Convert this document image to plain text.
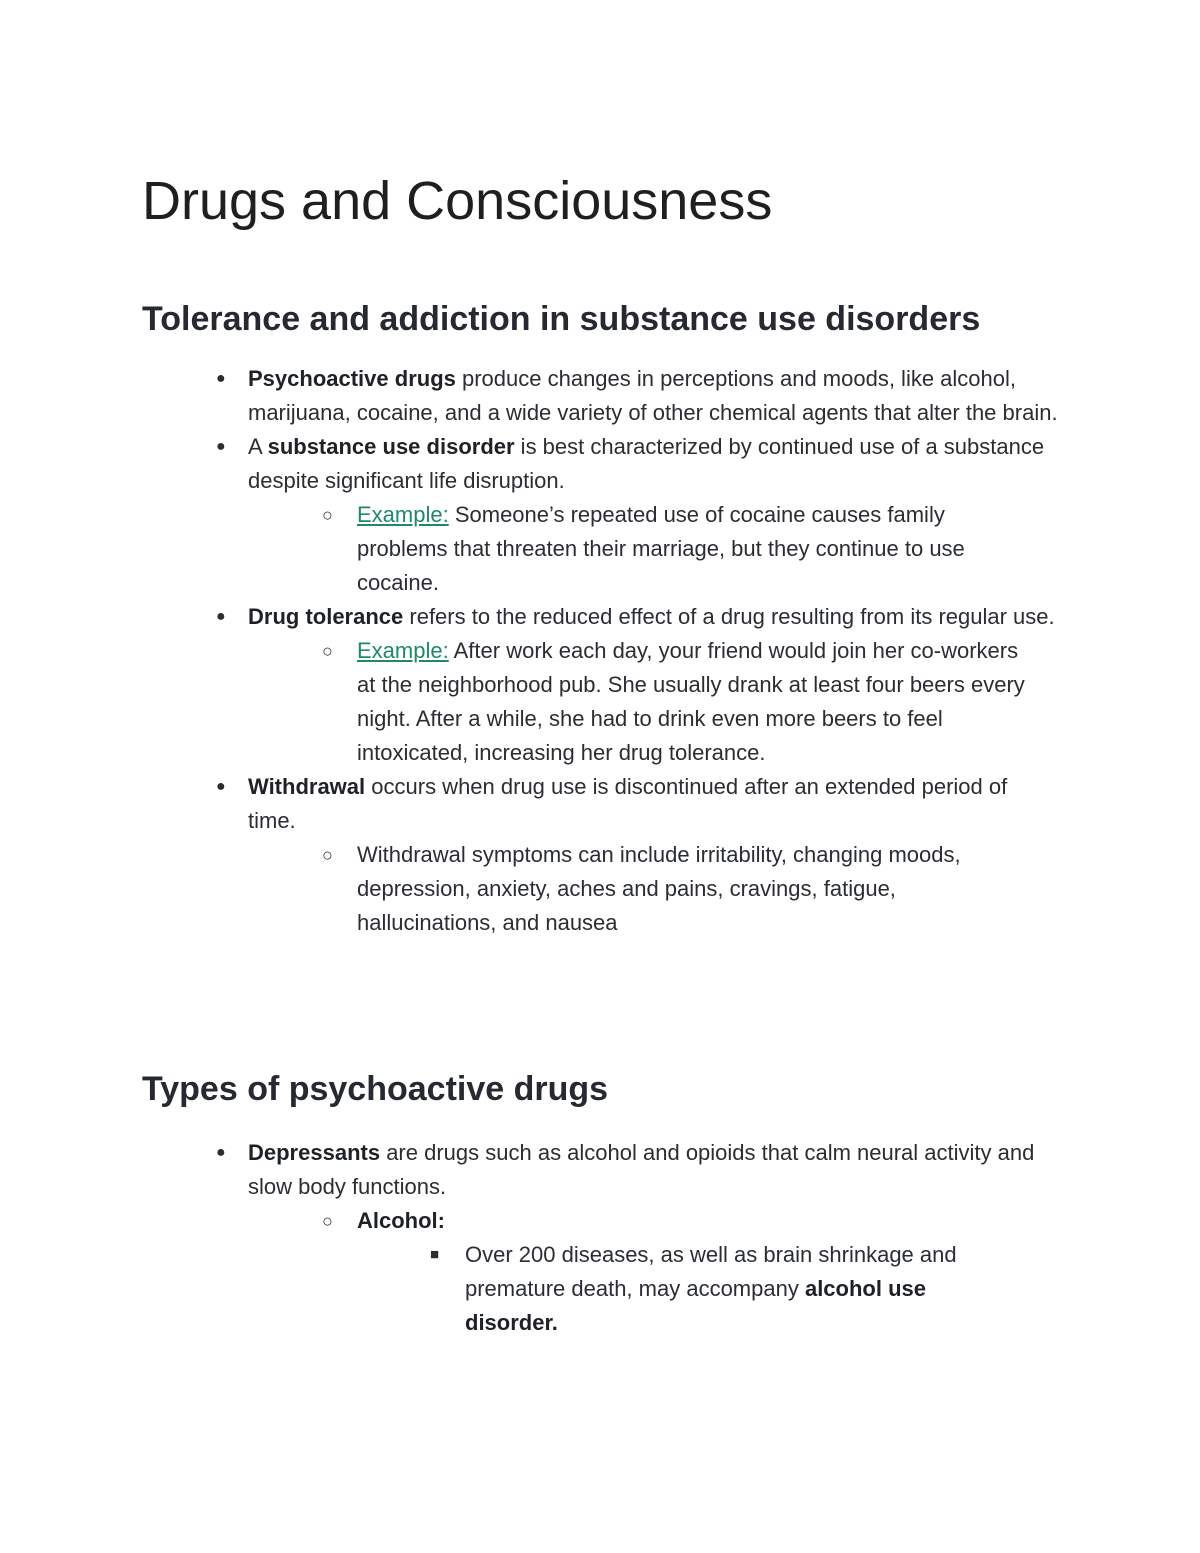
Drugs and Consciousness
Tolerance and addiction in substance use disorders
● Psychoactive drugs produce changes in perceptions and moods, like alcohol, marijuana, cocaine, and a wide variety of other chemical agents that alter the brain.
● A substance use disorder is best characterized by continued use of a substance despite significant life disruption.
○ Example: Someone’s repeated use of cocaine causes family problems that threaten their marriage, but they continue to use cocaine.
● Drug tolerance refers to the reduced effect of a drug resulting from its regular use.
○ Example: After work each day, your friend would join her co-workers at the neighborhood pub. She usually drank at least four beers every night. After a while, she had to drink even more beers to feel intoxicated, increasing her drug tolerance.
● Withdrawal occurs when drug use is discontinued after an extended period of time.
○ Withdrawal symptoms can include irritability, changing moods, depression, anxiety, aches and pains, cravings, fatigue, hallucinations, and nausea
Types of psychoactive drugs
● Depressants are drugs such as alcohol and opioids that calm neural activity and slow body functions.
○ Alcohol:
■ Over 200 diseases, as well as brain shrinkage and premature death, may accompany alcohol use disorder.
